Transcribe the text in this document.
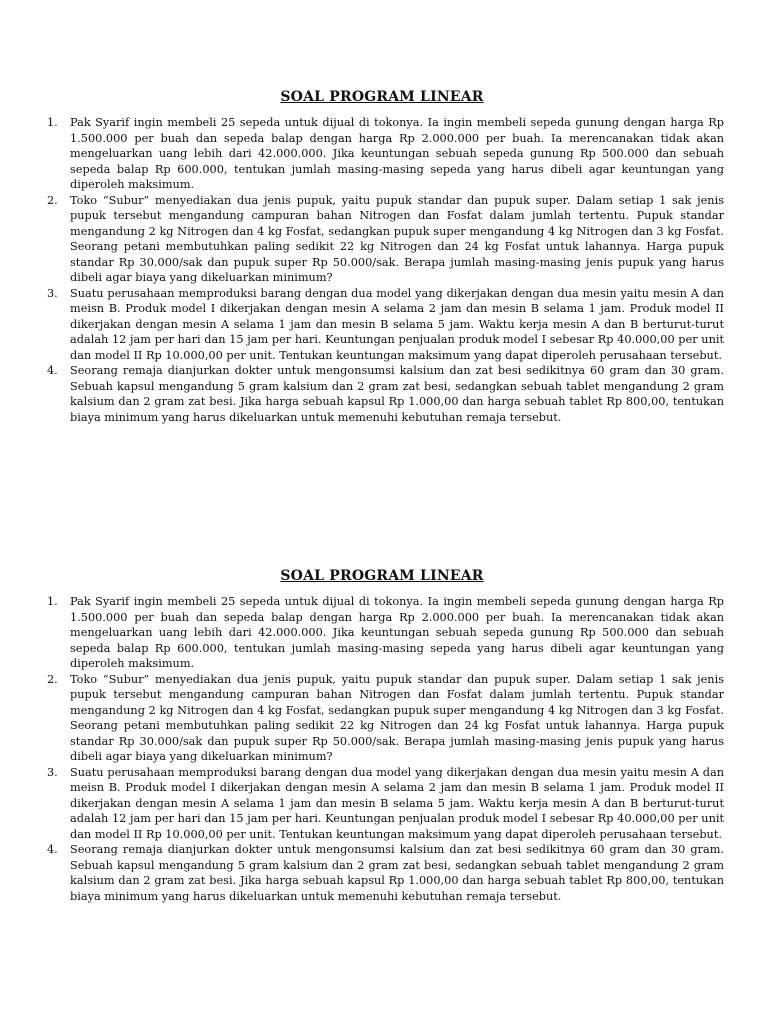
SOAL PROGRAM LINEAR
1. Pak Syarif ingin membeli 25 sepeda untuk dijual di tokonya. Ia ingin membeli sepeda gunung dengan harga Rp 1.500.000 per buah dan sepeda balap dengan harga Rp 2.000.000 per buah. Ia merencanakan tidak akan mengeluarkan uang lebih dari 42.000.000. Jika keuntungan sebuah sepeda gunung Rp 500.000 dan sebuah sepeda balap Rp 600.000, tentukan jumlah masing-masing sepeda yang harus dibeli agar keuntungan yang diperoleh maksimum.
2. Toko “Subur” menyediakan dua jenis pupuk, yaitu pupuk standar dan pupuk super. Dalam setiap 1 sak jenis pupuk tersebut mengandung campuran bahan Nitrogen dan Fosfat dalam jumlah tertentu. Pupuk standar mengandung 2 kg Nitrogen dan 4 kg Fosfat, sedangkan pupuk super mengandung 4 kg Nitrogen dan 3 kg Fosfat. Seorang petani membutuhkan paling sedikit 22 kg Nitrogen dan 24 kg Fosfat untuk lahannya. Harga pupuk standar Rp 30.000/sak dan pupuk super Rp 50.000/sak. Berapa jumlah masing-masing jenis pupuk yang harus dibeli agar biaya yang dikeluarkan minimum?
3. Suatu perusahaan memproduksi barang dengan dua model yang dikerjakan dengan dua mesin yaitu mesin A dan meisn B. Produk model I dikerjakan dengan mesin A selama 2 jam dan mesin B selama 1 jam. Produk model II dikerjakan dengan mesin A selama 1 jam dan mesin B selama 5 jam. Waktu kerja mesin A dan B berturut-turut adalah 12 jam per hari dan 15 jam per hari. Keuntungan penjualan produk model I sebesar Rp 40.000,00 per unit dan model II Rp 10.000,00 per unit. Tentukan keuntungan maksimum yang dapat diperoleh perusahaan tersebut.
4. Seorang remaja dianjurkan dokter untuk mengonsumsi kalsium dan zat besi sedikitnya 60 gram dan 30 gram. Sebuah kapsul mengandung 5 gram kalsium dan 2 gram zat besi, sedangkan sebuah tablet mengandung 2 gram kalsium dan 2 gram zat besi. Jika harga sebuah kapsul Rp 1.000,00 dan harga sebuah tablet Rp 800,00, tentukan biaya minimum yang harus dikeluarkan untuk memenuhi kebutuhan remaja tersebut.
SOAL PROGRAM LINEAR
1. Pak Syarif ingin membeli 25 sepeda untuk dijual di tokonya. Ia ingin membeli sepeda gunung dengan harga Rp 1.500.000 per buah dan sepeda balap dengan harga Rp 2.000.000 per buah. Ia merencanakan tidak akan mengeluarkan uang lebih dari 42.000.000. Jika keuntungan sebuah sepeda gunung Rp 500.000 dan sebuah sepeda balap Rp 600.000, tentukan jumlah masing-masing sepeda yang harus dibeli agar keuntungan yang diperoleh maksimum.
2. Toko “Subur” menyediakan dua jenis pupuk, yaitu pupuk standar dan pupuk super. Dalam setiap 1 sak jenis pupuk tersebut mengandung campuran bahan Nitrogen dan Fosfat dalam jumlah tertentu. Pupuk standar mengandung 2 kg Nitrogen dan 4 kg Fosfat, sedangkan pupuk super mengandung 4 kg Nitrogen dan 3 kg Fosfat. Seorang petani membutuhkan paling sedikit 22 kg Nitrogen dan 24 kg Fosfat untuk lahannya. Harga pupuk standar Rp 30.000/sak dan pupuk super Rp 50.000/sak. Berapa jumlah masing-masing jenis pupuk yang harus dibeli agar biaya yang dikeluarkan minimum?
3. Suatu perusahaan memproduksi barang dengan dua model yang dikerjakan dengan dua mesin yaitu mesin A dan meisn B. Produk model I dikerjakan dengan mesin A selama 2 jam dan mesin B selama 1 jam. Produk model II dikerjakan dengan mesin A selama 1 jam dan mesin B selama 5 jam. Waktu kerja mesin A dan B berturut-turut adalah 12 jam per hari dan 15 jam per hari. Keuntungan penjualan produk model I sebesar Rp 40.000,00 per unit dan model II Rp 10.000,00 per unit. Tentukan keuntungan maksimum yang dapat diperoleh perusahaan tersebut.
4. Seorang remaja dianjurkan dokter untuk mengonsumsi kalsium dan zat besi sedikitnya 60 gram dan 30 gram. Sebuah kapsul mengandung 5 gram kalsium dan 2 gram zat besi, sedangkan sebuah tablet mengandung 2 gram kalsium dan 2 gram zat besi. Jika harga sebuah kapsul Rp 1.000,00 dan harga sebuah tablet Rp 800,00, tentukan biaya minimum yang harus dikeluarkan untuk memenuhi kebutuhan remaja tersebut.
